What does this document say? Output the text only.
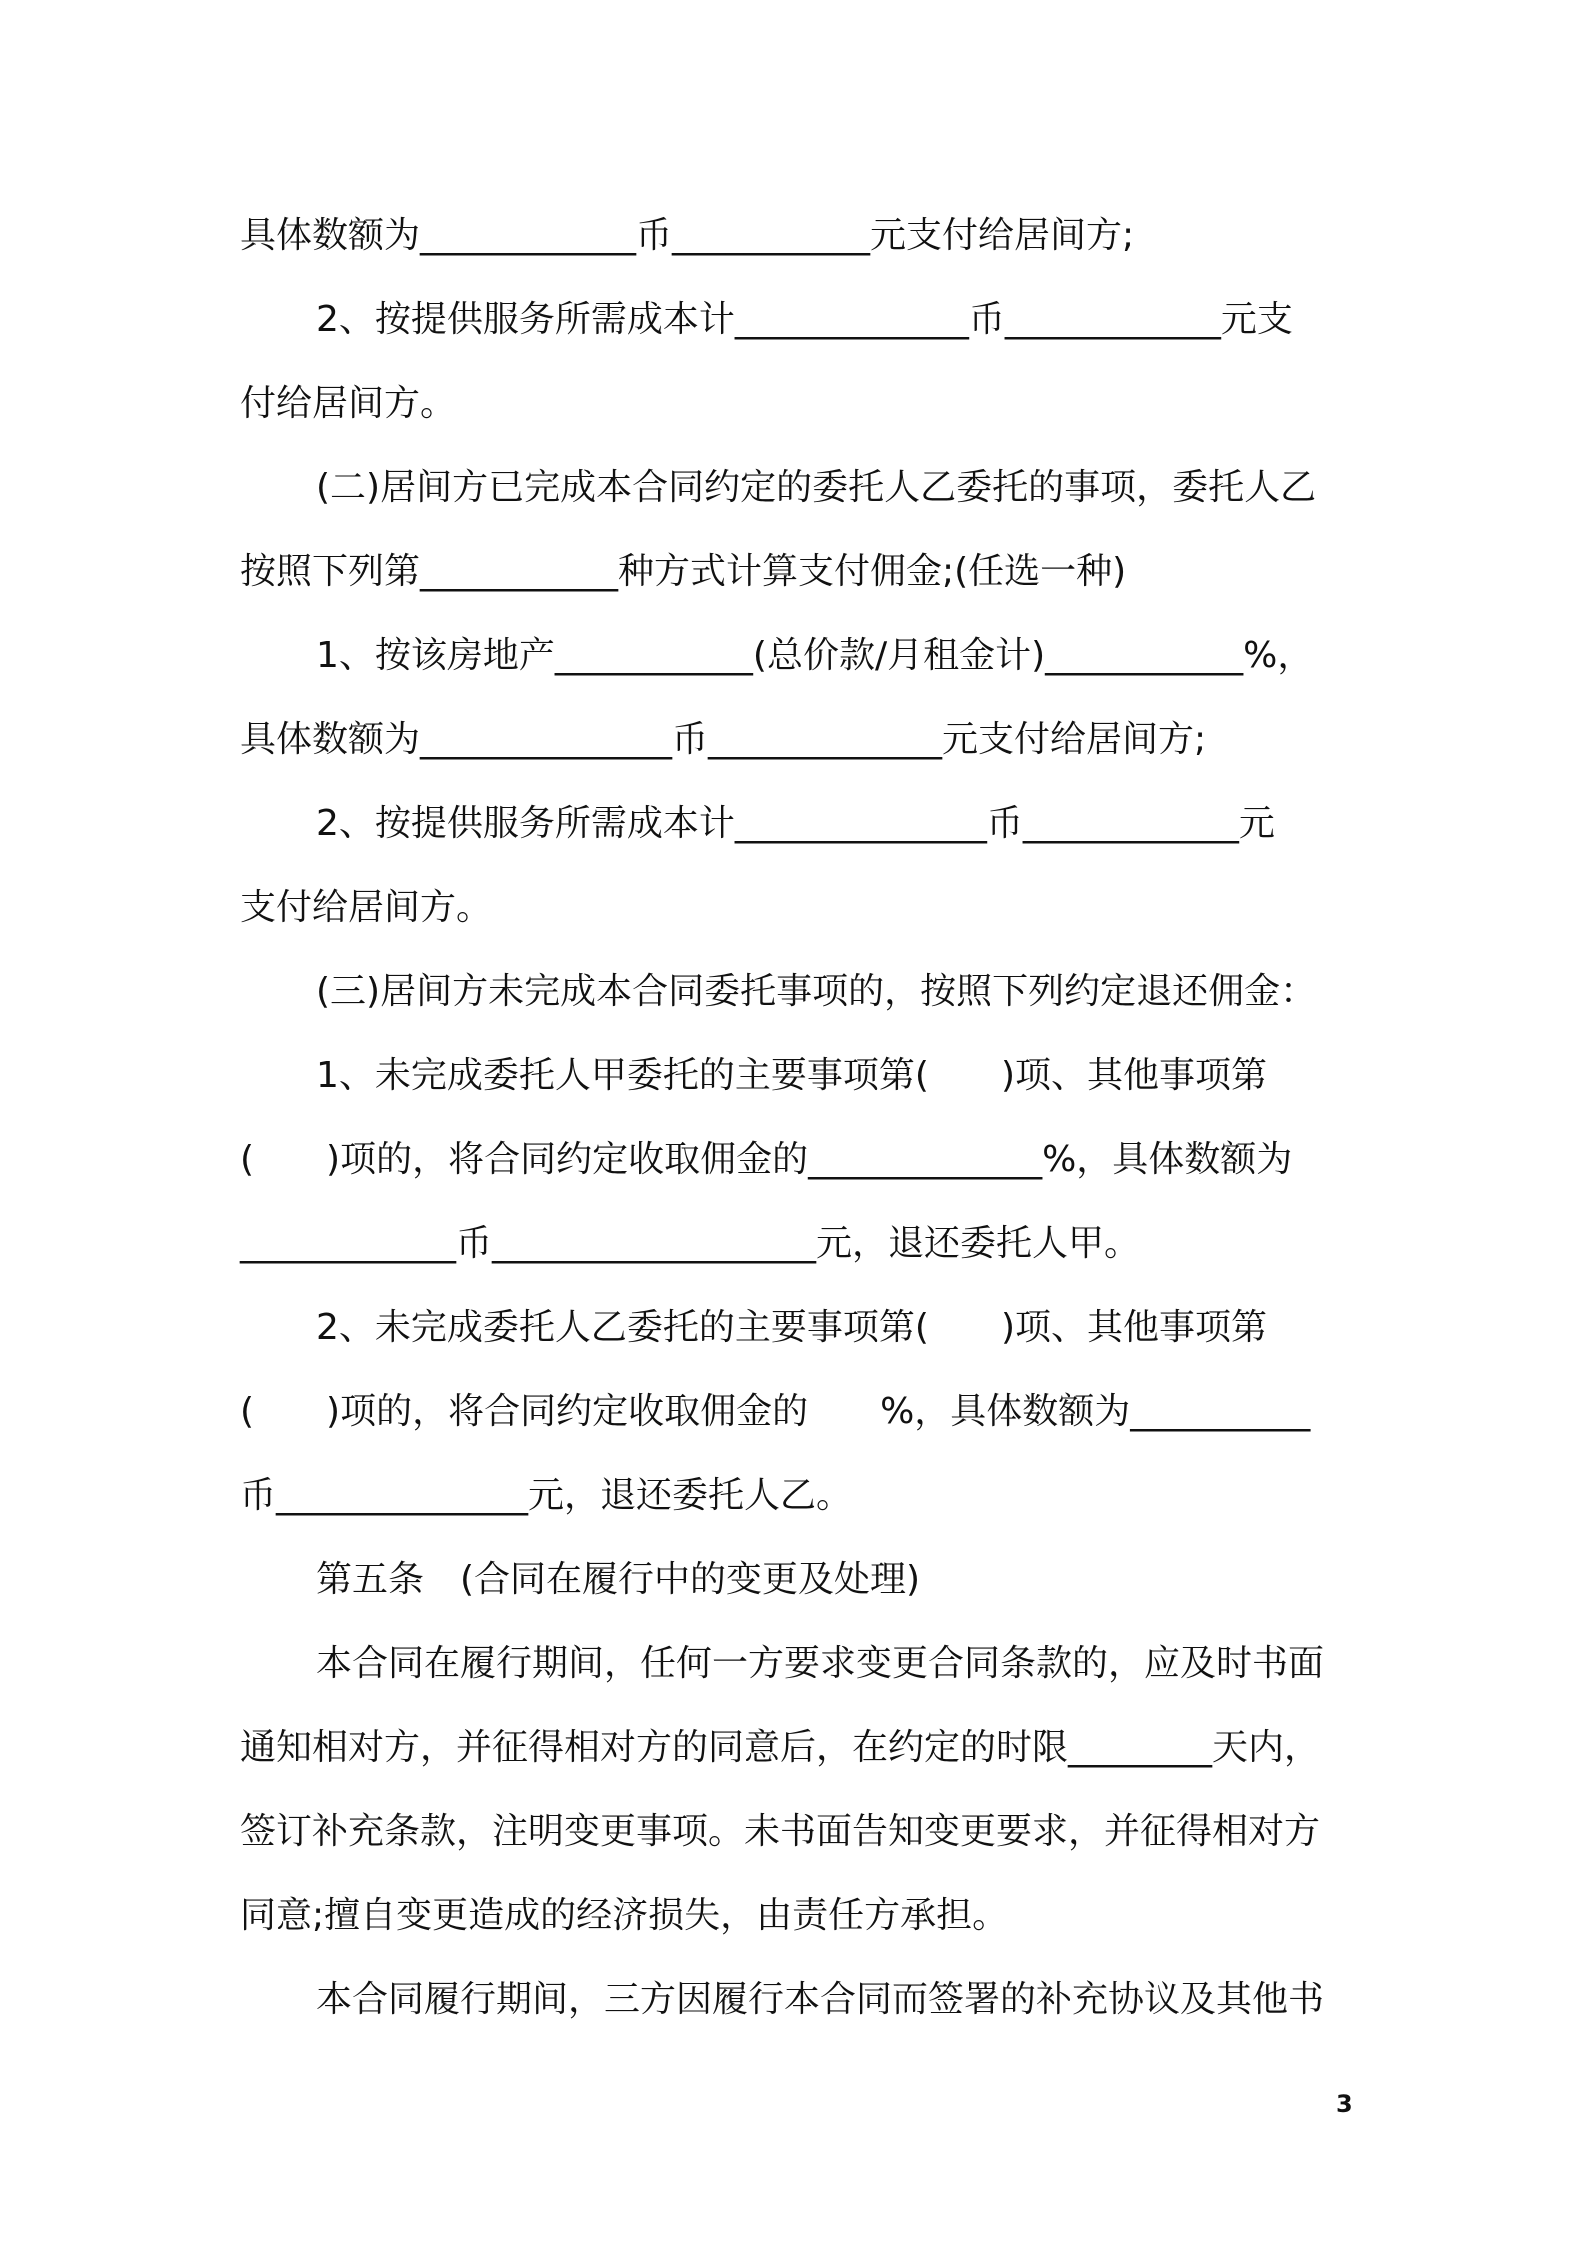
具体数额为____________币___________元支付给居间方;
2、按提供服务所需成本计_____________币____________元支
付给居间方。
(二)居间方已完成本合同约定的委托人乙委托的事项，委托人乙
按照下列第___________种方式计算支付佣金;(任选一种)
1、按该房地产___________(总价款/月租金计)___________%，
具体数额为______________币_____________元支付给居间方;
2、按提供服务所需成本计______________币____________元
支付给居间方。
(三)居间方未完成本合同委托事项的，按照下列约定退还佣金：
1、未完成委托人甲委托的主要事项第(　　)项、其他事项第
(　　)项的，将合同约定收取佣金的_____________%，具体数额为
____________币__________________元，退还委托人甲。
2、未完成委托人乙委托的主要事项第(　　)项、其他事项第
(　　)项的，将合同约定收取佣金的　　%，具体数额为__________
币______________元，退还委托人乙。
第五条　(合同在履行中的变更及处理)
本合同在履行期间，任何一方要求变更合同条款的，应及时书面
通知相对方，并征得相对方的同意后，在约定的时限________天内，
签订补充条款，注明变更事项。未书面告知变更要求，并征得相对方
同意;擅自变更造成的经济损失，由责任方承担。
本合同履行期间，三方因履行本合同而签署的补充协议及其他书
3
